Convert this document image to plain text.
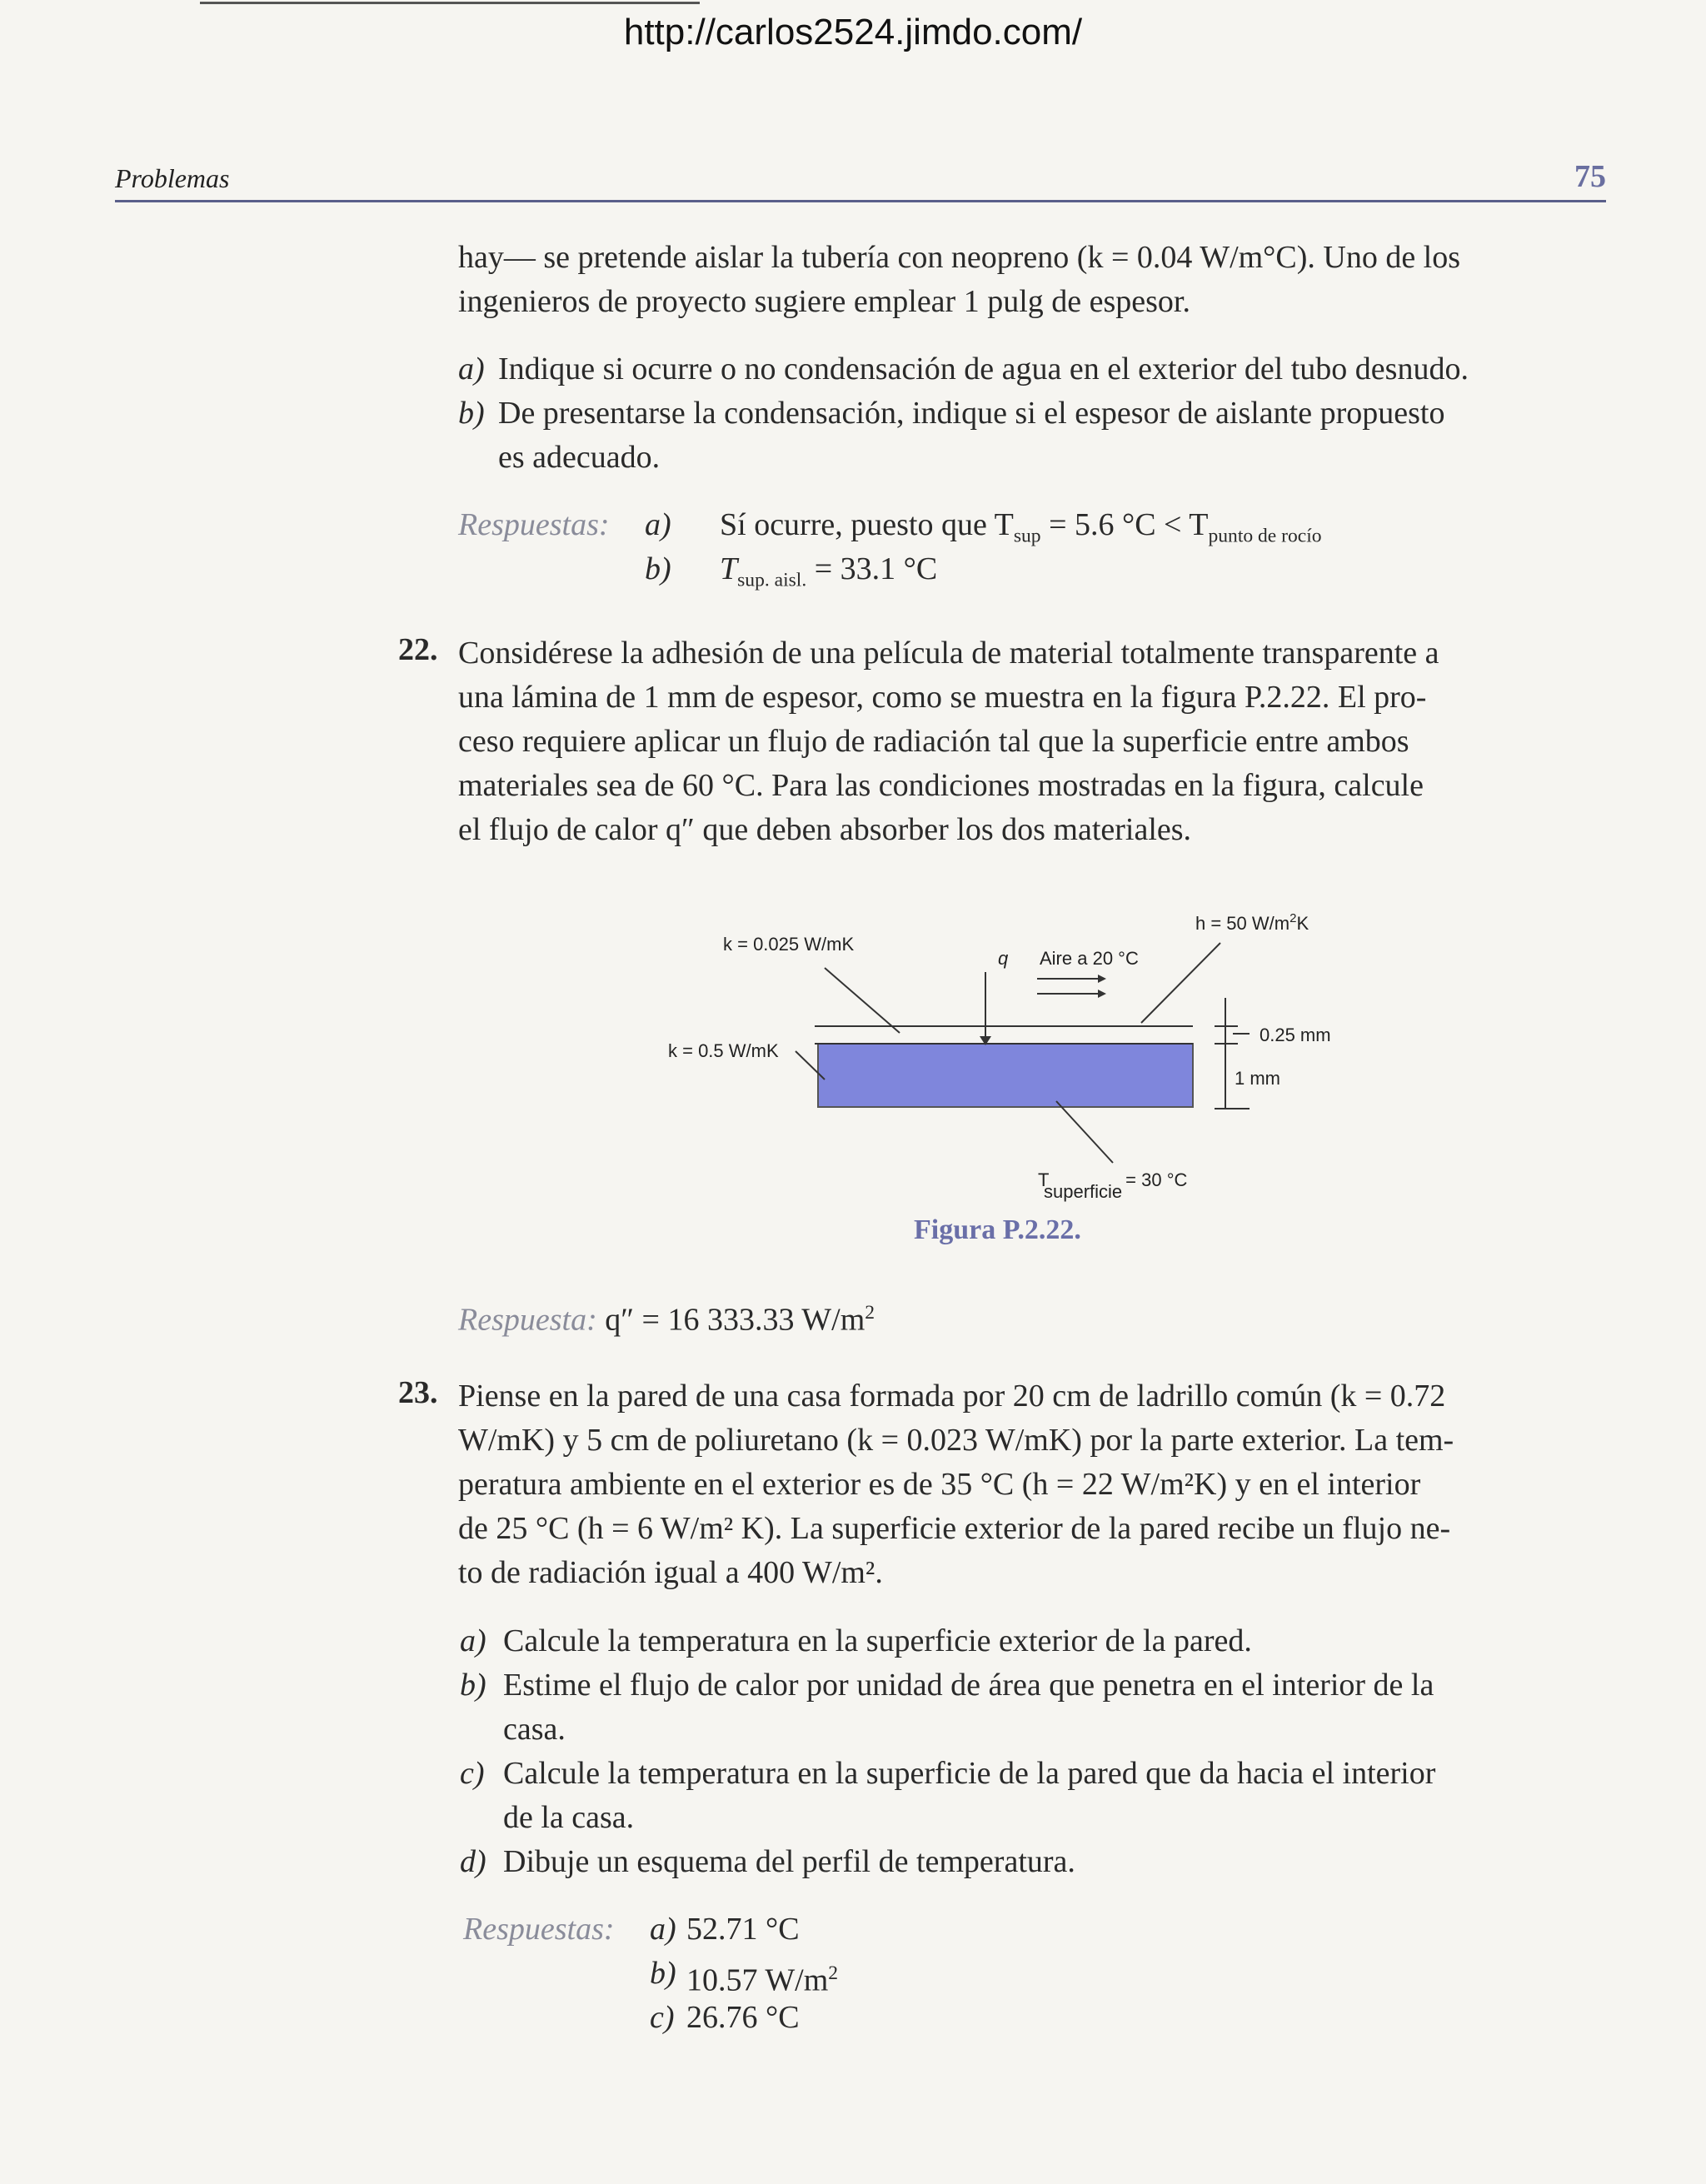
http://carlos2524.jimdo.com/
Problemas	75

hay— se pretende aislar la tubería con neopreno (k = 0.04 W/m°C). Uno de los

ingenieros de proyecto sugiere emplear 1 pulg de espesor.

a) Indique si ocurre o no condensación de agua en el exterior del tubo desnudo.

b) De presentarse la condensación, indique si el espesor de aislante propuesto

es adecuado.

Respuestas: a) Sí ocurre, puesto que $T_{sup} = 5.6$ $^\circ C < T_{punto de rocío}$

b) $T_{sup. aisl.} = 33.1$ °C

22. Considérese la adhesión de una película de material totalmente transparente a

una lámina de 1 mm de espesor, como se muestra en la figura P.2.22. El pro-

ceso requiere aplicar un flujo de radiación tal que la superficie entre ambos

materiales sea de 60 °C. Para las condiciones mostradas en la figura, calcule

el flujo de calor q″ que deben absorber los dos materiales.

k = 0.025 W/mK
q Aire a 20 °C
h = 50 $W/m^2K$
k = 0.5 W/mK
0.25 mm
1 mm
T superficie= 30 °C
Figura P.2.22.

Respuesta: q″ = 16 333.33 $W/m^2$

23. Piense en la pared de una casa formada por 20 cm de ladrillo común (k = 0.72

W/mK) y 5 cm de poliuretano (k = 0.023 W/mK) por la parte exterior. La tem-

peratura ambiente en el exterior es de 35 °C (h = 22 W/m²K) y en el interior

de 25 °C (h = 6 W/m² K). La superficie exterior de la pared recibe un flujo ne-

to de radiación igual a 400 W/m².

a) Calcule la temperatura en la superficie exterior de la pared.

b) Estime el flujo de calor por unidad de área que penetra en el interior de la

casa.

c) Calcule la temperatura en la superficie de la pared que da hacia el interior

de la casa.

d) Dibuje un esquema del perfil de temperatura.

Respuestas: a) 52.71 °C

b) 10.57 $W/m^2$

c) 26.76 °C
